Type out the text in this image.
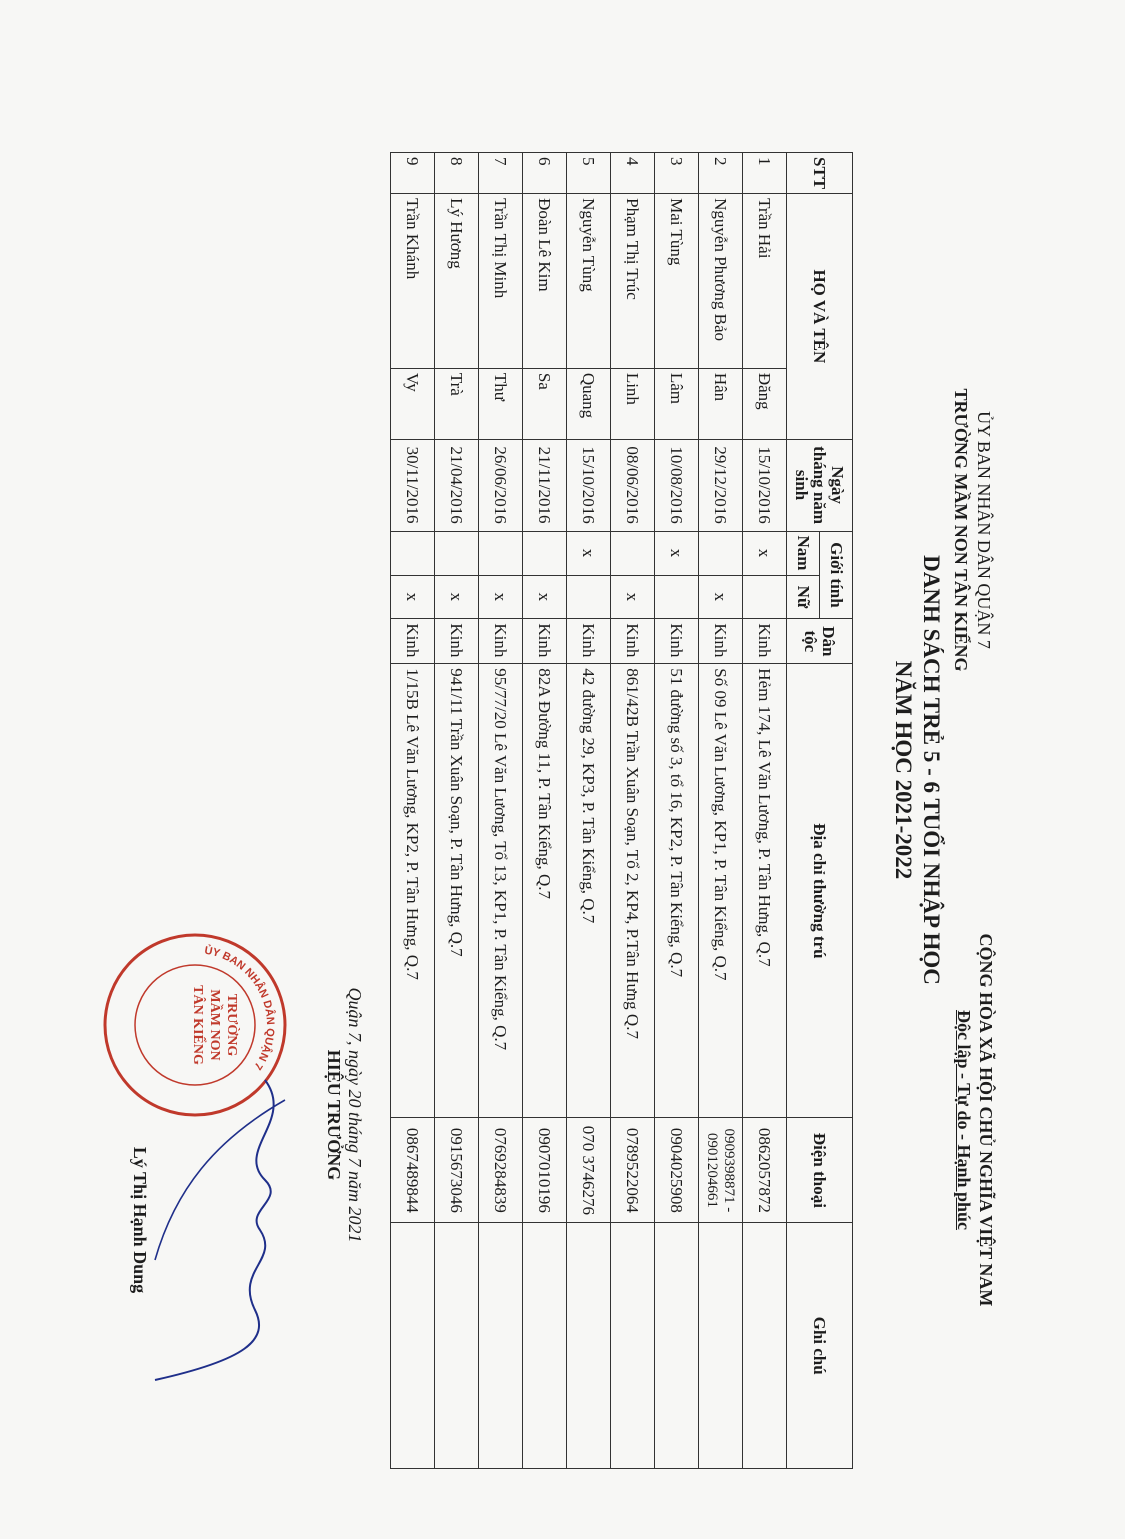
ỦY BAN NHÂN DÂN QUẬN 7
TRƯỜNG MẦM NON TÂN KIỂNG
CỘNG HÒA XÃ HỘI CHỦ NGHĨA VIỆT NAM
Độc lập - Tự do - Hạnh phúc
DANH SÁCH TRẺ 5 - 6 TUỔI NHẬP HỌC
NĂM HỌC 2021-2022
STT	HỌ VÀ TÊN		Ngày tháng năm sinh	Giới tính		Dân tộc	Địa chỉ thường trú	Điện thoại	Ghi chú
				Nam	Nữ				
1	Trần Hải	Đăng	15/10/2016	x		Kinh	Hẻm 174, Lê Văn Lương, P. Tân Hưng, Q.7	0862057872	
2	Nguyễn Phương Bảo	Hân	29/12/2016		x	Kinh	Số 09 Lê Văn Lương, KP1, P. Tân Kiểng, Q.7	0909398871 -
0901204661	

3	Mai Tùng	Lâm	10/08/2016	x		Kinh	51 đường số 3, tổ 16, KP2, P. Tân Kiểng, Q.7	0904025908	
4	Phạm Thị Trúc	Linh	08/06/2016		x	Kinh	861/42B Trần Xuân Soạn, Tổ 2, KP4, P.Tân Hưng Q.7	0789522064	
5	Nguyễn Tùng	Quang	15/10/2016	x		Kinh	42 đường 29, KP3, P. Tân Kiểng, Q.7	070 3746276	
6	Đoàn Lê Kim	Sa	21/11/2016		x	Kinh	82A Đường 11, P. Tân Kiểng, Q.7	0907010196	
7	Trần Thị Minh	Thư	26/06/2016		x	Kinh	95/77/20 Lê Văn Lương, Tổ 13, KP1, P. Tân Kiểng, Q.7	0769284839	
8	Lý Hương	Trà	21/04/2016		x	Kinh	941/11 Trần Xuân Soạn, P. Tân Hưng, Q.7	0915673046	
9	Trần Khánh	Vy	30/11/2016		x	Kinh	1/15B Lê Văn Lương, KP2, P. Tân Hưng, Q.7	0867489844	
Quận 7, ngày 20 tháng 7 năm 2021
HIỆU TRƯỞNG
ỦY BAN NHÂN DÂN QUẬN 7
TRƯỜNG
MẦM NON
TÂN KIỂNG
Lý Thị Hạnh Dung
